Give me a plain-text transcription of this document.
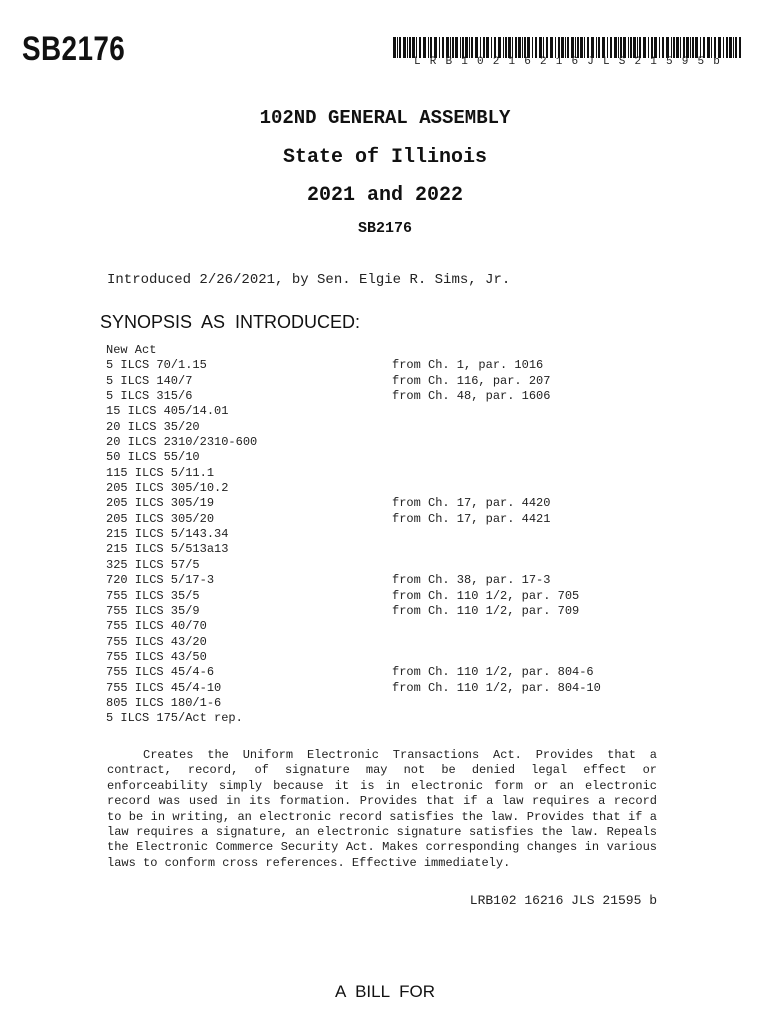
SB2176	L R B 1 0 2 1 6 2 1 6 J L S 2 1 5 9 5 b
102ND GENERAL ASSEMBLY
State of Illinois
2021 and 2022
SB2176
Introduced 2/26/2021, by Sen. Elgie R. Sims, Jr.
SYNOPSIS AS INTRODUCED:
New Act
5 ILCS 70/1.15	from Ch. 1, par. 1016
5 ILCS 140/7	from Ch. 116, par. 207
5 ILCS 315/6	from Ch. 48, par. 1606
15 ILCS 405/14.01
20 ILCS 35/20
20 ILCS 2310/2310-600
50 ILCS 55/10
115 ILCS 5/11.1
205 ILCS 305/10.2
205 ILCS 305/19	from Ch. 17, par. 4420
205 ILCS 305/20	from Ch. 17, par. 4421
215 ILCS 5/143.34
215 ILCS 5/513a13
325 ILCS 57/5
720 ILCS 5/17-3	from Ch. 38, par. 17-3
755 ILCS 35/5	from Ch. 110 1/2, par. 705
755 ILCS 35/9	from Ch. 110 1/2, par. 709
755 ILCS 40/70
755 ILCS 43/20
755 ILCS 43/50
755 ILCS 45/4-6	from Ch. 110 1/2, par. 804-6
755 ILCS 45/4-10	from Ch. 110 1/2, par. 804-10
805 ILCS 180/1-6
5 ILCS 175/Act rep.

Creates the Uniform Electronic Transactions Act. Provides that a contract, record, of signature may not be denied legal effect or enforceability simply because it is in electronic form or an electronic record was used in its formation. Provides that if a law requires a record to be in writing, an electronic record satisfies the law. Provides that if a law requires a signature, an electronic signature satisfies the law. Repeals the Electronic Commerce Security Act. Makes corresponding changes in various laws to conform cross references. Effective immediately.

LRB102 16216 JLS 21595 b
A BILL FOR
